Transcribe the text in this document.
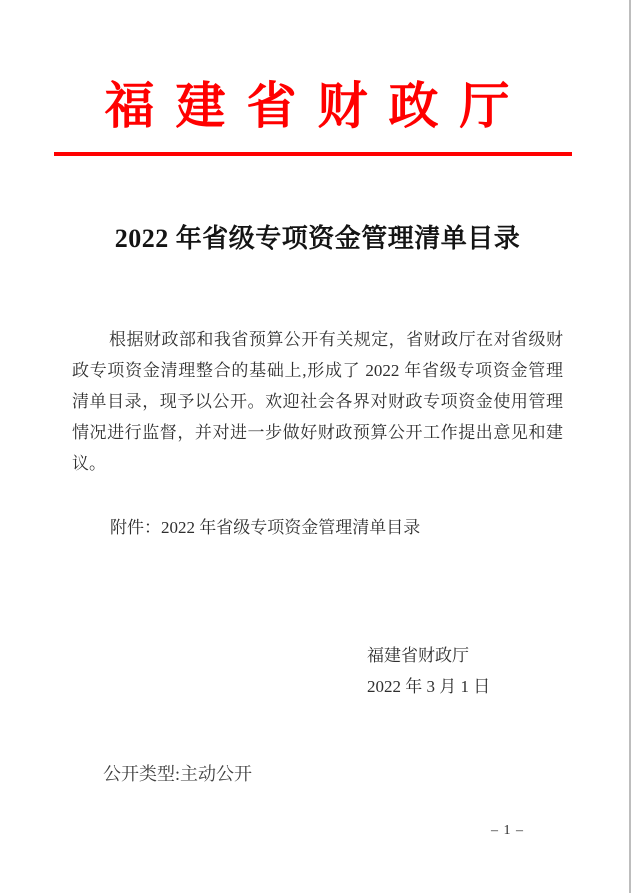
福建省财政厅
2022 年省级专项资金管理清单目录
根据财政部和我省预算公开有关规定，省财政厅在对省级财
政专项资金清理整合的基础上,形成了 2022 年省级专项资金管理
清单目录，现予以公开。欢迎社会各界对财政专项资金使用管理
情况进行监督，并对进一步做好财政预算公开工作提出意见和建
议。
附件：2022 年省级专项资金管理清单目录
福建省财政厅
2022 年 3 月 1 日
公开类型:主动公开
– 1 –
